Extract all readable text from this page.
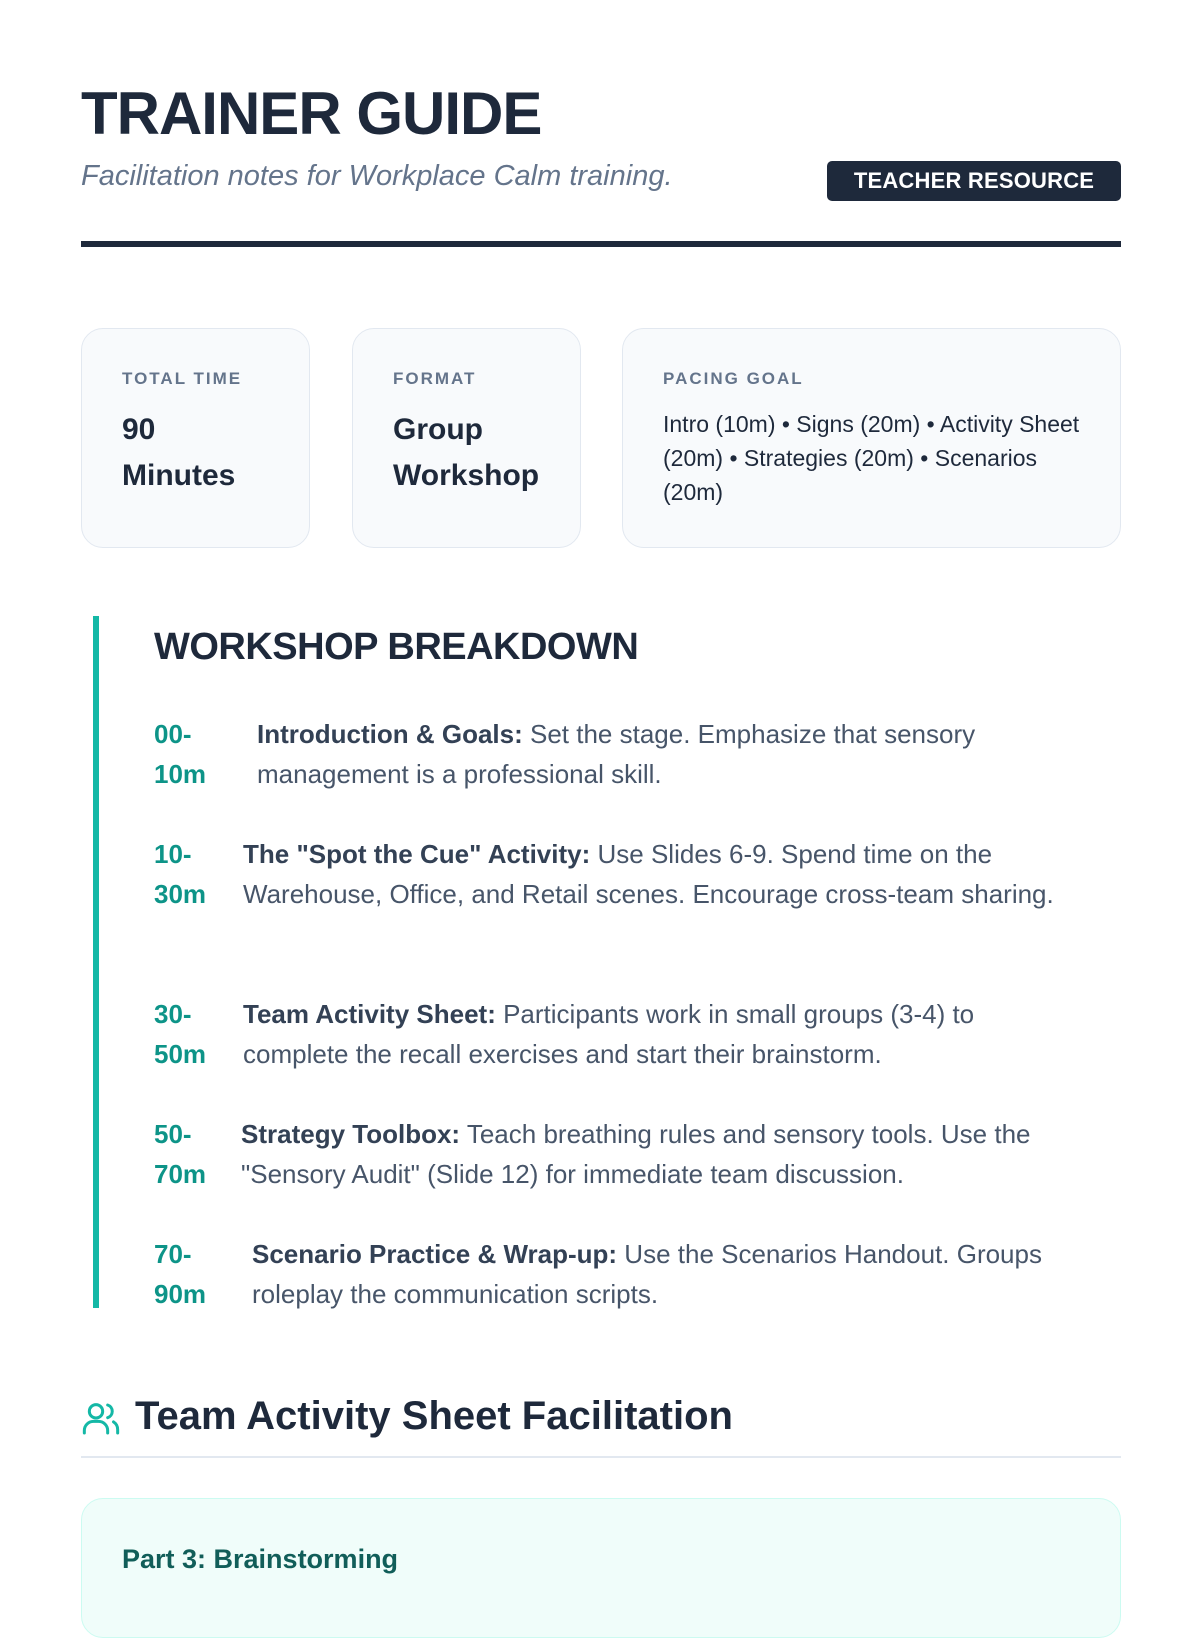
TRAINER GUIDE

Facilitation notes for Workplace Calm training.	TEACHER RESOURCE

TOTAL TIME

90 Minutes

FORMAT

Group Workshop

PACING GOAL

Intro (10m) • Signs (20m) • Activity Sheet (20m) • Strategies (20m) • Scenarios (20m)
WORKSHOP BREAKDOWN
00-10m
Introduction & Goals: Set the stage. Emphasize that sensory management is a professional skill.
10-30m
The "Spot the Cue" Activity: Use Slides 6-9. Spend time on the Warehouse, Office, and Retail scenes. Encourage cross-team sharing.
30-50m
Team Activity Sheet: Participants work in small groups (3-4) to complete the recall exercises and start their brainstorm.
50-70m
Strategy Toolbox: Teach breathing rules and sensory tools. Use the "Sensory Audit" (Slide 12) for immediate team discussion.
70-90m
Scenario Practice & Wrap-up: Use the Scenarios Handout. Groups roleplay the communication scripts.
Team Activity Sheet Facilitation
Part 3: Brainstorming
